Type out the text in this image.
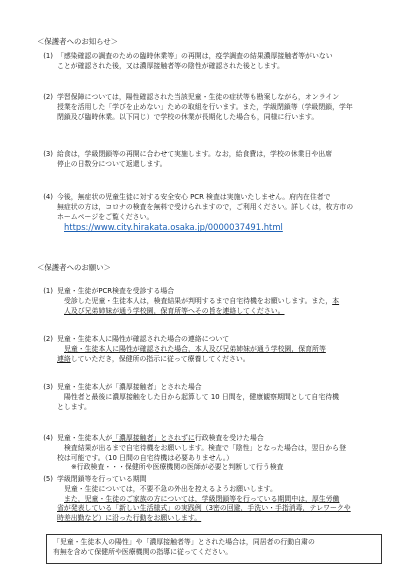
＜保護者へのお知らせ＞
(1) 「感染確認の調査のための臨時休業等」の再開は，疫学調査の結果濃厚接触者等がいない
ことが確認された後，又は濃厚接触者等の陰性が確認された後とします。
(2) 学習保障については，陽性確認された当該児童・生徒の症状等も勘案しながら，オンライン
授業を活用した「学びを止めない」ための取組を行います。また，学級閉鎖等（学級閉鎖，学年
閉鎖及び臨時休業。以下同じ）で学校の休業が長期化した場合も，同様に行います。
(3) 給食は，学級閉鎖等の再開に合わせて実施します。なお，給食費は，学校の休業日や出席
停止の日数分について返還します。
(4) 今後，無症状の児童生徒に対する安全安心 PCR 検査は実施いたしません。府内在住者で
無症状の方は，コロナの検査を無料で受けられますので，ご利用ください。詳しくは，枚方市の
ホームページをご覧ください。
https://www.city.hirakata.osaka.jp/0000037491.html
＜保護者へのお願い＞
(1) 児童・生徒がPCR検査を受診する場合
受診した児童・生徒本人は，検査結果が判明するまで自宅待機をお願いします。また，本
人及び兄弟姉妹が通う学校園，保育所等へその旨を連絡してください。
(2) 児童・生徒本人に陽性が確認された場合の連絡について
児童・生徒本人に陽性が確認された場合，本人及び兄弟姉妹が通う学校園，保育所等
連絡していただき，保健所の指示に従って療養してください。
(3) 児童・生徒本人が「濃厚接触者」とされた場合
陽性者と最後に濃厚接触をした日から起算して 10 日間を，健康観察期間として自宅待機
とします。
(4) 児童・生徒本人が「濃厚接触者」とされずに行政検査を受けた場合
検査結果が出るまで自宅待機をお願いします。検査で「陰性」となった場合は，翌日から登
校は可能です。（10 日間の自宅待機は必要ありません。）
※行政検査・・・保健所や医療機関の医師が必要と判断して行う検査
(5) 学級閉鎖等を行っている期間
児童・生徒については，不要不急の外出を控えるようお願いします。
また，児童・生徒のご家族の方については，学級閉鎖等を行っている期間中は，厚生労働
省が発表している「新しい生活様式」の実践例（3密の回避，手洗い・手指消毒，テレワークや
時差出勤など）に沿った行動をお願いします。
「児童・生徒本人の陽性」や「濃厚接触者等」とされた場合は，同居者の行動自粛の
有無を含めて保健所や医療機関の指導に従ってください。
